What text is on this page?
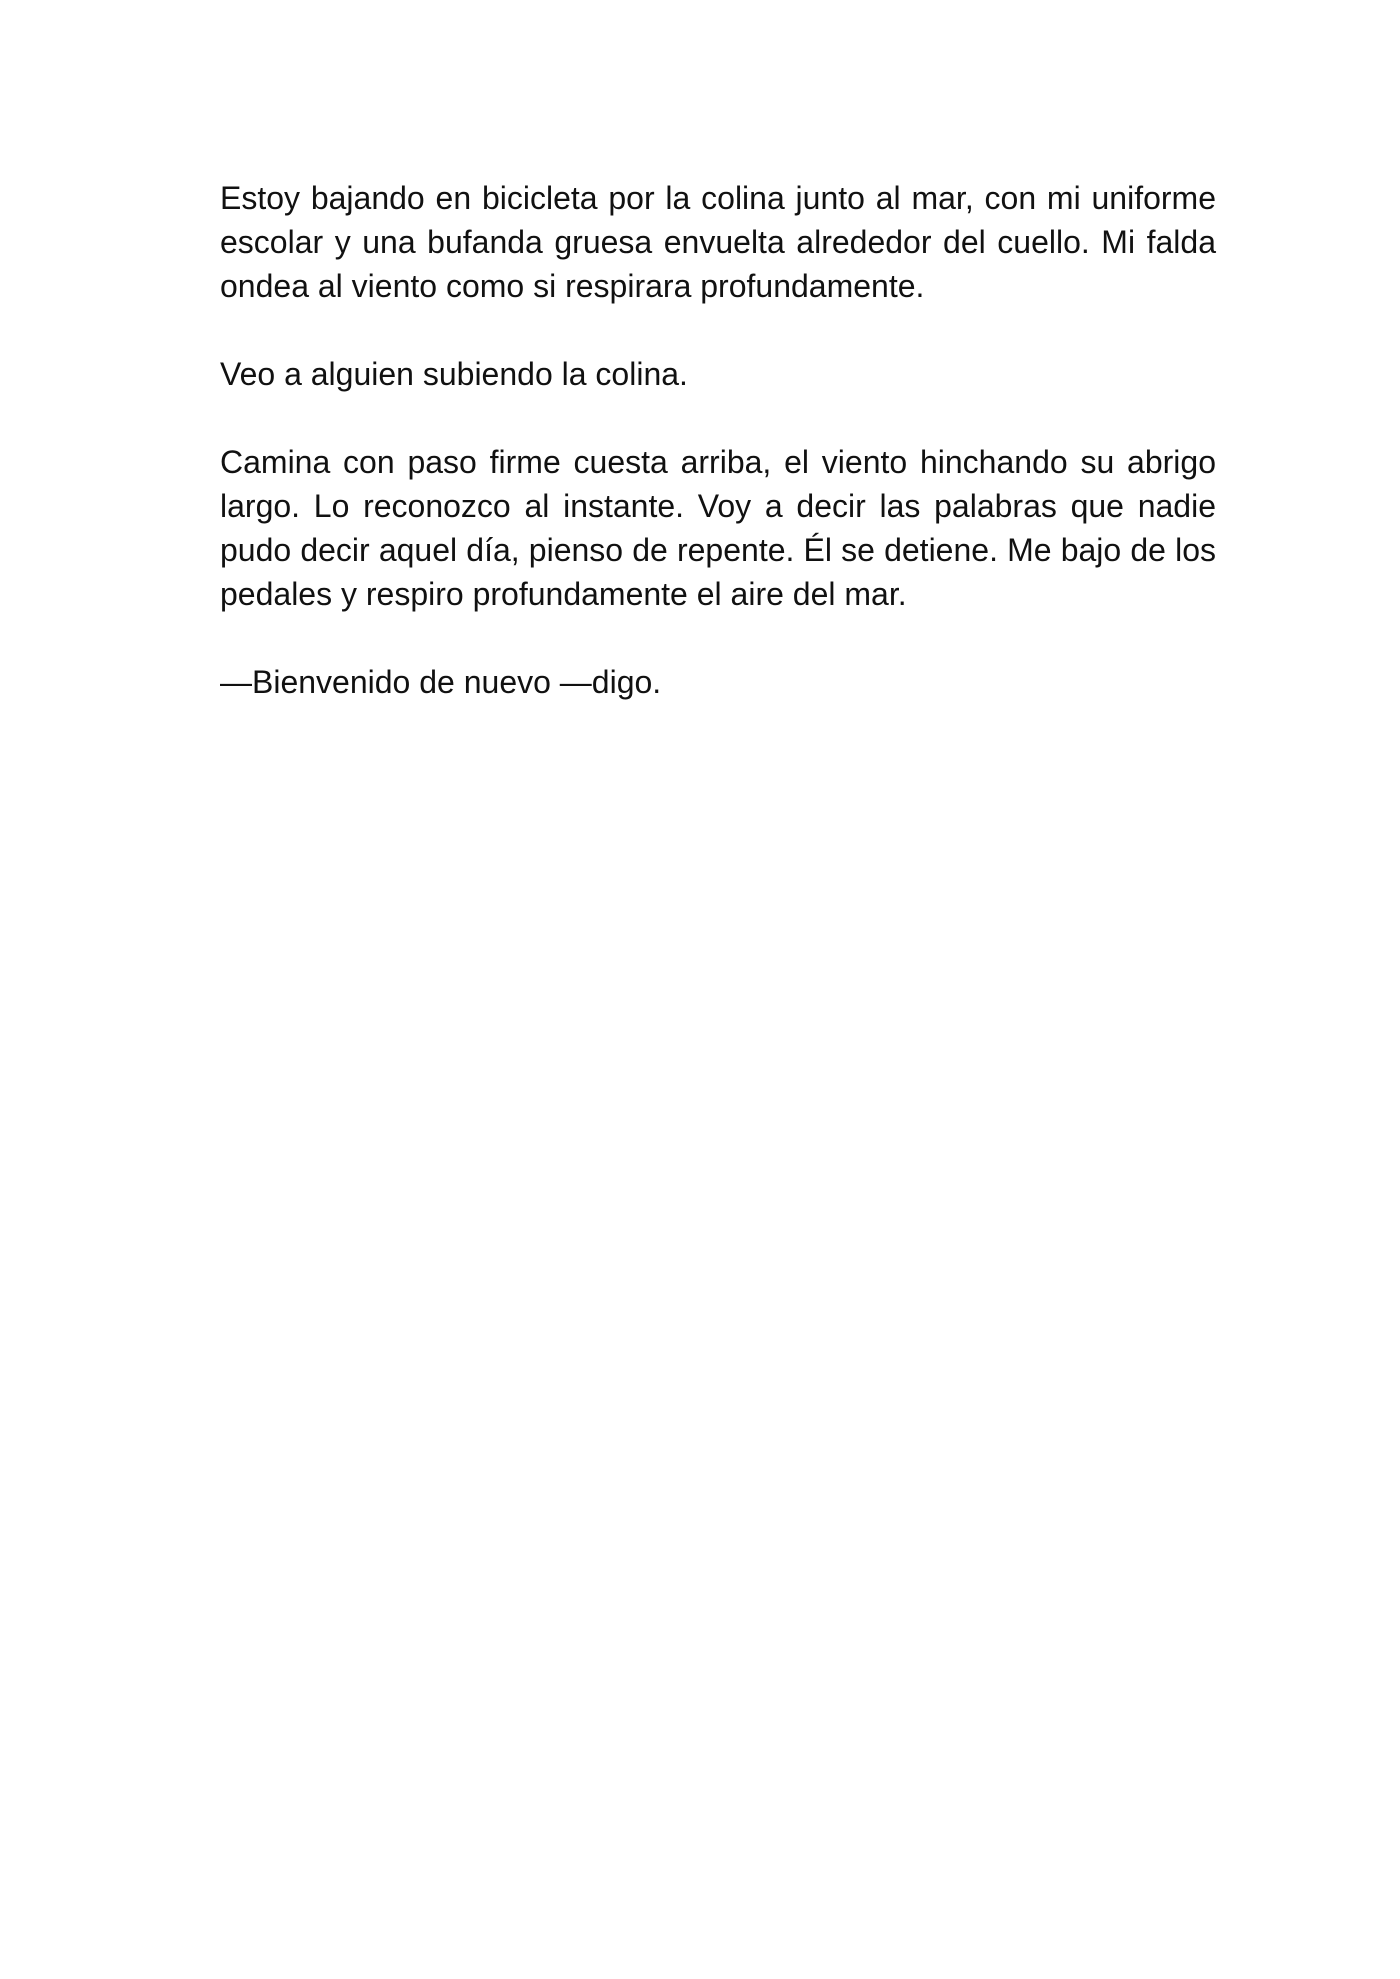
Estoy bajando en bicicleta por la colina junto al mar, con mi uniforme escolar y una bufanda gruesa envuelta alrededor del cuello. Mi falda ondea al viento como si respirara profundamente.

Veo a alguien subiendo la colina.

Camina con paso firme cuesta arriba, el viento hinchando su abrigo largo. Lo reconozco al instante. Voy a decir las palabras que nadie pudo decir aquel día, pienso de repente. Él se detiene. Me bajo de los pedales y respiro profundamente el aire del mar.

—Bienvenido de nuevo —digo.
